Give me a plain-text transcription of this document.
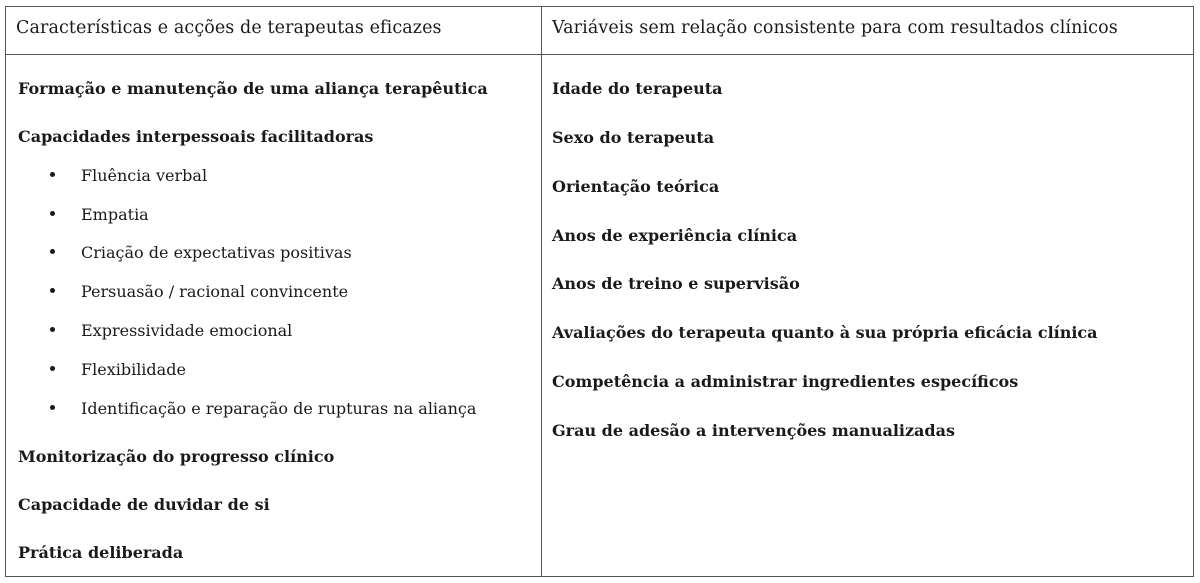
Características e acções de terapeutas eficazes	Variáveis sem relação consistente para com resultados clínicos
Formação e manutenção de uma aliança terapêutica
Capacidades interpessoais facilitadoras
Fluência verbal
Empatia
Criação de expectativas positivas
Persuasão / racional convincente
Expressividade emocional
Flexibilidade
Identificação e reparação de rupturas na aliança
Monitorização do progresso clínico
Capacidade de duvidar de si
Prática deliberada
Idade do terapeuta
Sexo do terapeuta
Orientação teórica
Anos de experiência clínica
Anos de treino e supervisão
Avaliações do terapeuta quanto à sua própria eficácia clínica
Competência a administrar ingredientes específicos
Grau de adesão a intervenções manualizadas
